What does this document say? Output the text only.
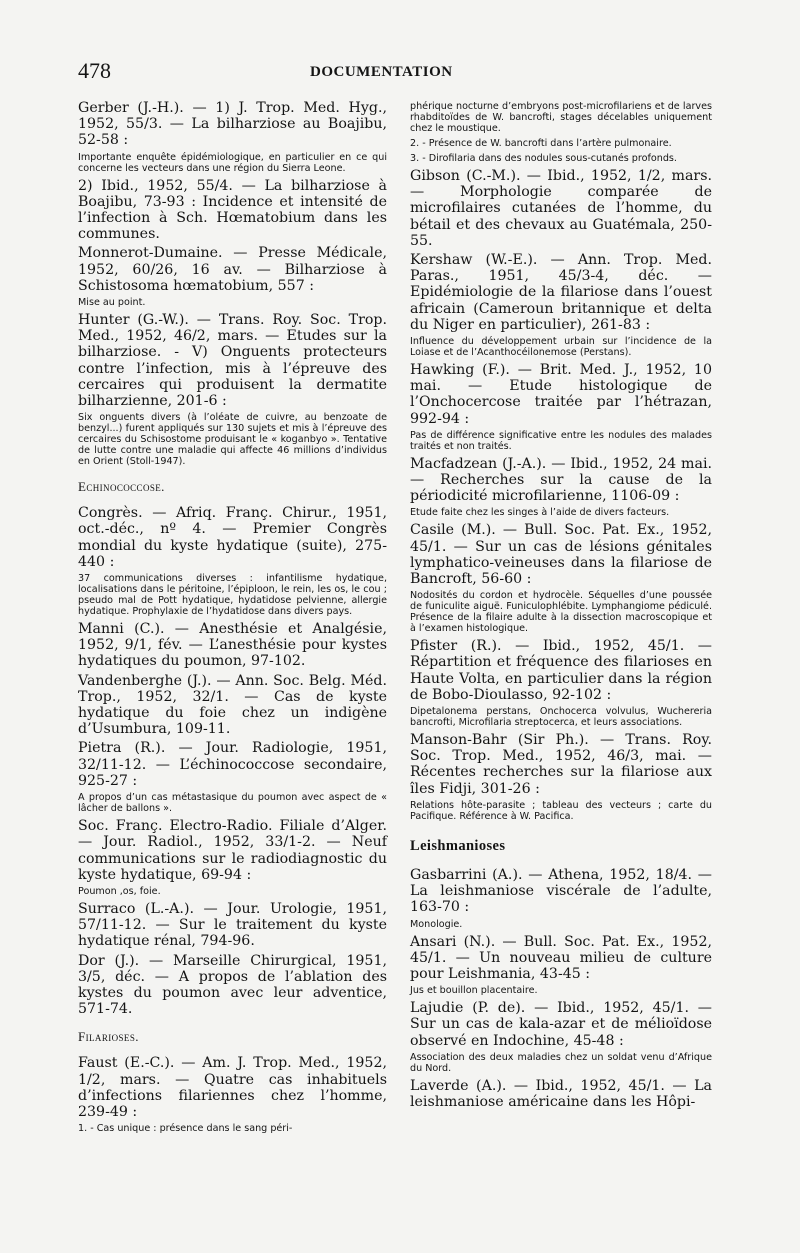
478	DOCUMENTATION
Gerber (J.-H.). — 1) J. Trop. Med. Hyg., 1952, 55/3. — La bilharziose au Boajibu, 52-58 :
Importante enquête épidémiologique, en particulier en ce qui concerne les vecteurs dans une région du Sierra Leone.
2) Ibid., 1952, 55/4. — La bilharziose à Boajibu, 73-93 : Incidence et intensité de l’infection à Sch. Hœmatobium dans les communes.
Monnerot-Dumaine. — Presse Médicale, 1952, 60/26, 16 av. — Bilharziose à Schistosoma hœmatobium, 557 :
Mise au point.
Hunter (G.-W.). — Trans. Roy. Soc. Trop. Med., 1952, 46/2, mars. — Etudes sur la bilharziose. - V) Onguents protecteurs contre l’infection, mis à l’épreuve des cercaires qui produisent la dermatite bilharzienne, 201-6 :
Six onguents divers (à l’oléate de cuivre, au benzoate de benzyl...) furent appliqués sur 130 sujets et mis à l’épreuve des cercaires du Schisostome produisant le « koganbyo ». Tentative de lutte contre une maladie qui affecte 46 millions d’individus en Orient (Stoll-1947).
Echinococcose.
Congrès. — Afriq. Franç. Chirur., 1951, oct.-déc., nº 4. — Premier Congrès mondial du kyste hydatique (suite), 275-440 :
37 communications diverses : infantilisme hydatique, localisations dans le péritoine, l’épiploon, le rein, les os, le cou ; pseudo mal de Pott hydatique, hydatidose pelvienne, allergie hydatique. Prophylaxie de l’hydatidose dans divers pays.
Manni (C.). — Anesthésie et Analgésie, 1952, 9/1, fév. — L’anesthésie pour kystes hydatiques du poumon, 97-102.
Vandenberghe (J.). — Ann. Soc. Belg. Méd. Trop., 1952, 32/1. — Cas de kyste hydatique du foie chez un indigène d’Usumbura, 109-11.
Pietra (R.). — Jour. Radiologie, 1951, 32/11-12. — L’échinococcose secondaire, 925-27 :
A propos d’un cas métastasique du poumon avec aspect de « lâcher de ballons ».
Soc. Franç. Electro-Radio. Filiale d’Alger. — Jour. Radiol., 1952, 33/1-2. — Neuf communications sur le radiodiagnostic du kyste hydatique, 69-94 :
Poumon ,os, foie.
Surraco (L.-A.). — Jour. Urologie, 1951, 57/11-12. — Sur le traitement du kyste hydatique rénal, 794-96.
Dor (J.). — Marseille Chirurgical, 1951, 3/5, déc. — A propos de l’ablation des kystes du poumon avec leur adventice, 571-74.
Filarioses.
Faust (E.-C.). — Am. J. Trop. Med., 1952, 1/2, mars. — Quatre cas inhabituels d’infections filariennes chez l’homme, 239-49 :
1. - Cas unique : présence dans le sang péri-
phérique nocturne d’embryons post-microfilariens et de larves rhabditoïdes de W. bancrofti, stages décelables uniquement chez le moustique.
2. - Présence de W. bancrofti dans l’artère pulmonaire.
3. - Dirofilaria dans des nodules sous-cutanés profonds.
Gibson (C.-M.). — Ibid., 1952, 1/2, mars. — Morphologie comparée de microfilaires cutanées de l’homme, du bétail et des chevaux au Guatémala, 250-55.
Kershaw (W.-E.). — Ann. Trop. Med. Paras., 1951, 45/3-4, déc. — Epidémiologie de la filariose dans l’ouest africain (Cameroun britannique et delta du Niger en particulier), 261-83 :
Influence du développement urbain sur l’incidence de la Loiase et de l’Acanthocéilonemose (Perstans).
Hawking (F.). — Brit. Med. J., 1952, 10 mai. — Etude histologique de l’Onchocercose traitée par l’hétrazan, 992-94 :
Pas de différence significative entre les nodules des malades traités et non traités.
Macfadzean (J.-A.). — Ibid., 1952, 24 mai. — Recherches sur la cause de la périodicité microfilarienne, 1106-09 :
Etude faite chez les singes à l’aide de divers facteurs.
Casile (M.). — Bull. Soc. Pat. Ex., 1952, 45/1. — Sur un cas de lésions génitales lymphatico-veineuses dans la filariose de Bancroft, 56-60 :
Nodosités du cordon et hydrocèle. Séquelles d’une poussée de funiculite aiguë. Funiculophlébite. Lymphangiome pédiculé. Présence de la filaire adulte à la dissection macroscopique et à l’examen histologique.
Pfister (R.). — Ibid., 1952, 45/1. — Répartition et fréquence des filarioses en Haute Volta, en particulier dans la région de Bobo-Dioulasso, 92-102 :
Dipetalonema perstans, Onchocerca volvulus, Wuchereria bancrofti, Microfilaria streptocerca, et leurs associations.
Manson-Bahr (Sir Ph.). — Trans. Roy. Soc. Trop. Med., 1952, 46/3, mai. — Récentes recherches sur la filariose aux îles Fidji, 301-26 :
Relations hôte-parasite ; tableau des vecteurs ; carte du Pacifique. Référence à W. Pacifica.
Leishmanioses
Gasbarrini (A.). — Athena, 1952, 18/4. — La leishmaniose viscérale de l’adulte, 163-70 :
Monologie.
Ansari (N.). — Bull. Soc. Pat. Ex., 1952, 45/1. — Un nouveau milieu de culture pour Leishmania, 43-45 :
Jus et bouillon placentaire.
Lajudie (P. de). — Ibid., 1952, 45/1. — Sur un cas de kala-azar et de mélioïdose observé en Indochine, 45-48 :
Association des deux maladies chez un soldat venu d’Afrique du Nord.
Laverde (A.). — Ibid., 1952, 45/1. — La leishmaniose américaine dans les Hôpi-
